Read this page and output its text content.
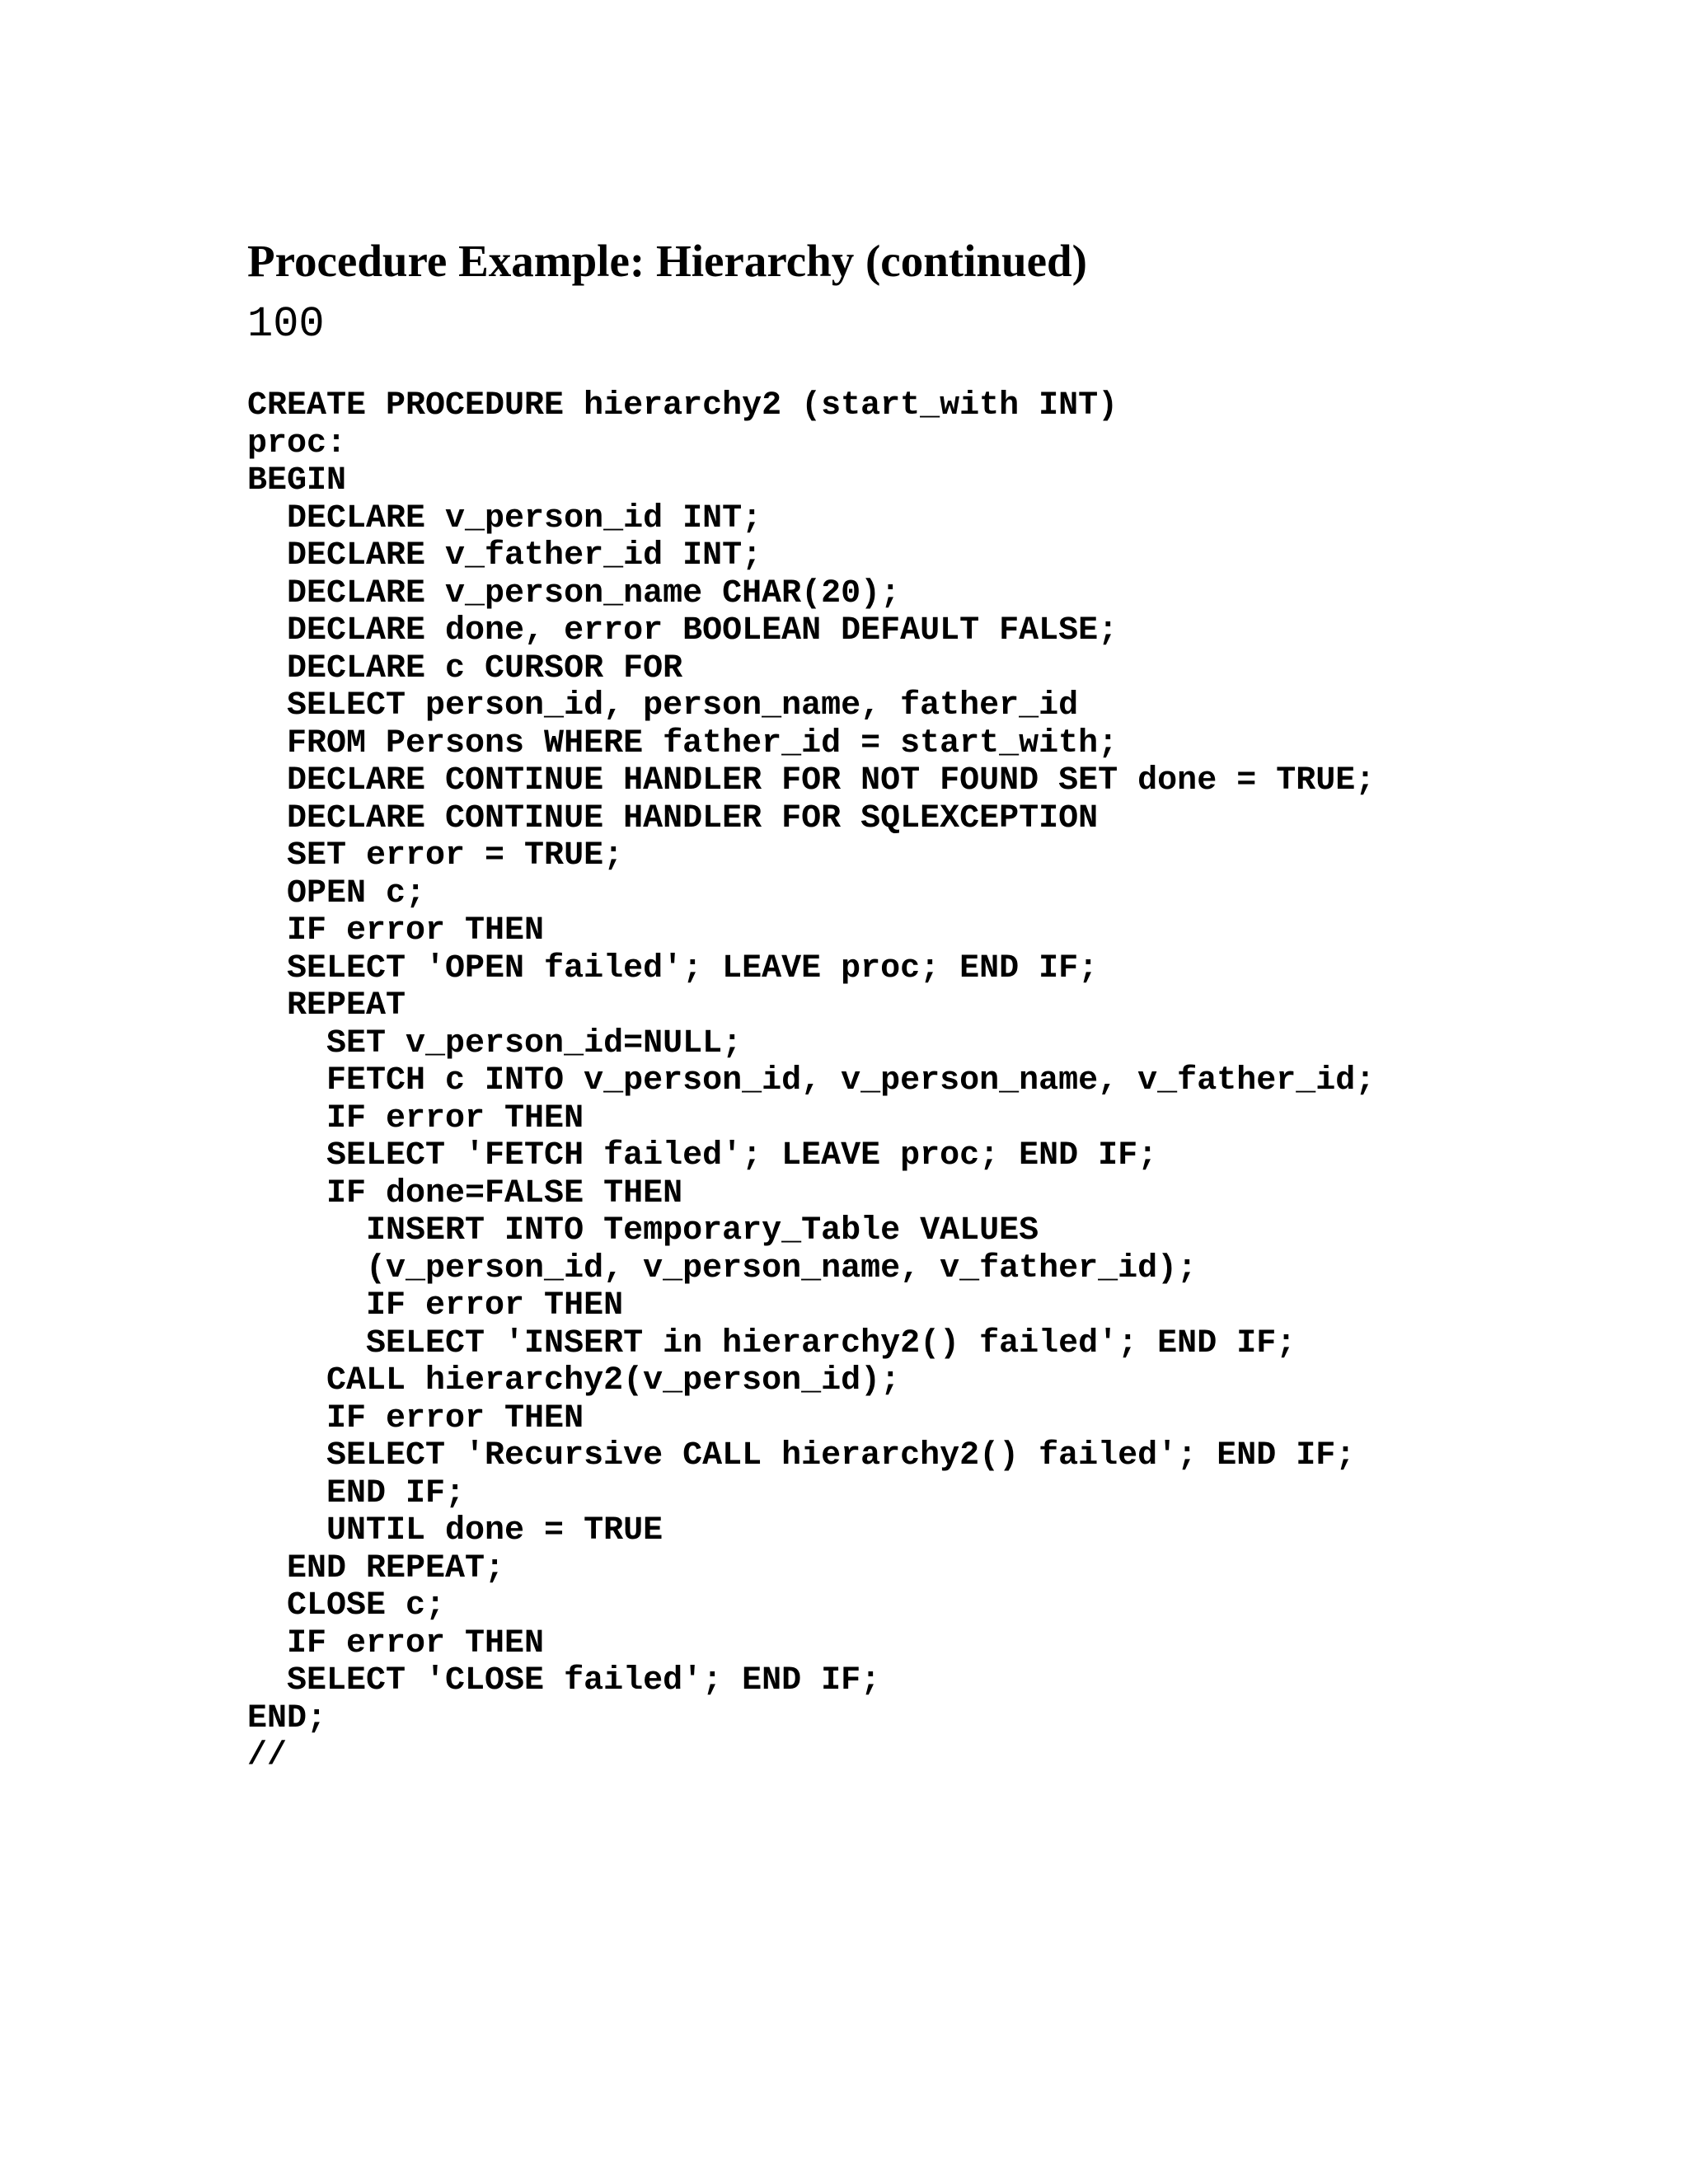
Procedure Example: Hierarchy (continued)
100
CREATE PROCEDURE hierarchy2 (start_with INT)
proc:
BEGIN
DECLARE v_person_id INT;
DECLARE v_father_id INT;
DECLARE v_person_name CHAR(20);
DECLARE done, error BOOLEAN DEFAULT FALSE;
DECLARE c CURSOR FOR
SELECT person_id, person_name, father_id
FROM Persons WHERE father_id = start_with;
DECLARE CONTINUE HANDLER FOR NOT FOUND SET done = TRUE;
DECLARE CONTINUE HANDLER FOR SQLEXCEPTION
SET error = TRUE;
OPEN c;
IF error THEN
SELECT 'OPEN failed'; LEAVE proc; END IF;
REPEAT
SET v_person_id=NULL;
FETCH c INTO v_person_id, v_person_name, v_father_id;
IF error THEN
SELECT 'FETCH failed'; LEAVE proc; END IF;
IF done=FALSE THEN
INSERT INTO Temporary_Table VALUES
(v_person_id, v_person_name, v_father_id);
IF error THEN
SELECT 'INSERT in hierarchy2() failed'; END IF;
CALL hierarchy2(v_person_id);
IF error THEN
SELECT 'Recursive CALL hierarchy2() failed'; END IF;
END IF;
UNTIL done = TRUE
END REPEAT;
CLOSE c;
IF error THEN
SELECT 'CLOSE failed'; END IF;
END;
//
